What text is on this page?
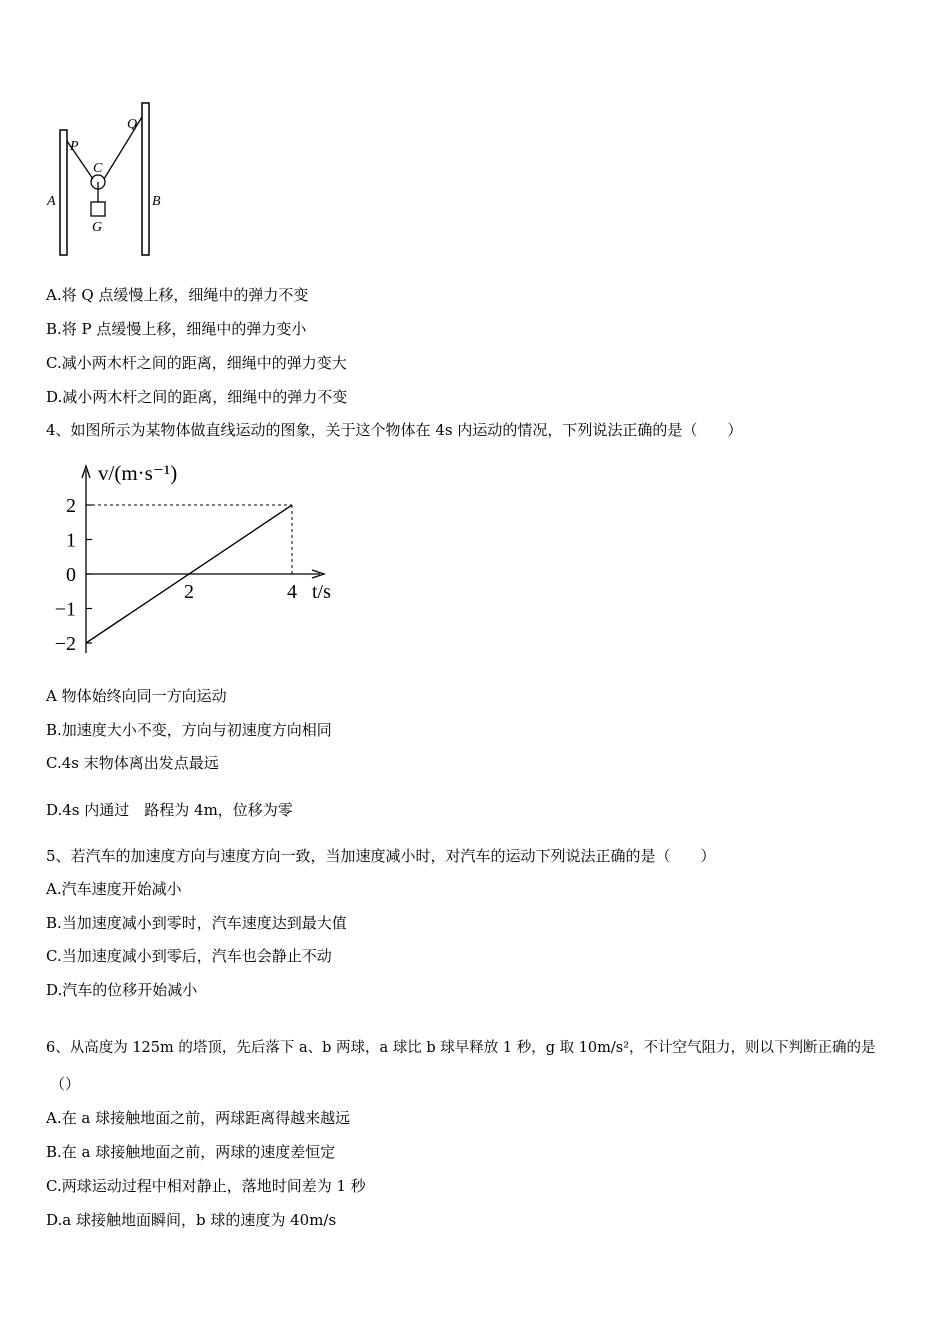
A	B
P
Q
C
G
A.将 Q 点缓慢上移，细绳中的弹力不变
B.将 P 点缓慢上移，细绳中的弹力变小
C.减小两木杆之间的距离，细绳中的弹力变大
D.减小两木杆之间的距离，细绳中的弹力不变
4、如图所示为某物体做直线运动的图象，关于这个物体在 4s 内运动的情况，下列说法正确的是（　　）
2
1
0
−1
−2
2	4
v/(m·s⁻¹)
t/s
A 物体始终向同一方向运动
B.加速度大小不变，方向与初速度方向相同
C.4s 末物体离出发点最远
D.4s 内通过　路程为 4m，位移为零
5、若汽车的加速度方向与速度方向一致，当加速度减小时，对汽车的运动下列说法正确的是（　　）
A.汽车速度开始减小
B.当加速度减小到零时，汽车速度达到最大值
C.当加速度减小到零后，汽车也会静止不动
D.汽车的位移开始减小
6、从高度为 125m 的塔顶，先后落下 a、b 两球，a 球比 b 球早释放 1 秒，g 取 10m/s²，不计空气阻力，则以下判断正确的是
（）
A.在 a 球接触地面之前，两球距离得越来越远
B.在 a 球接触地面之前，两球的速度差恒定
C.两球运动过程中相对静止，落地时间差为 1 秒
D.a 球接触地面瞬间，b 球的速度为 40m/s
